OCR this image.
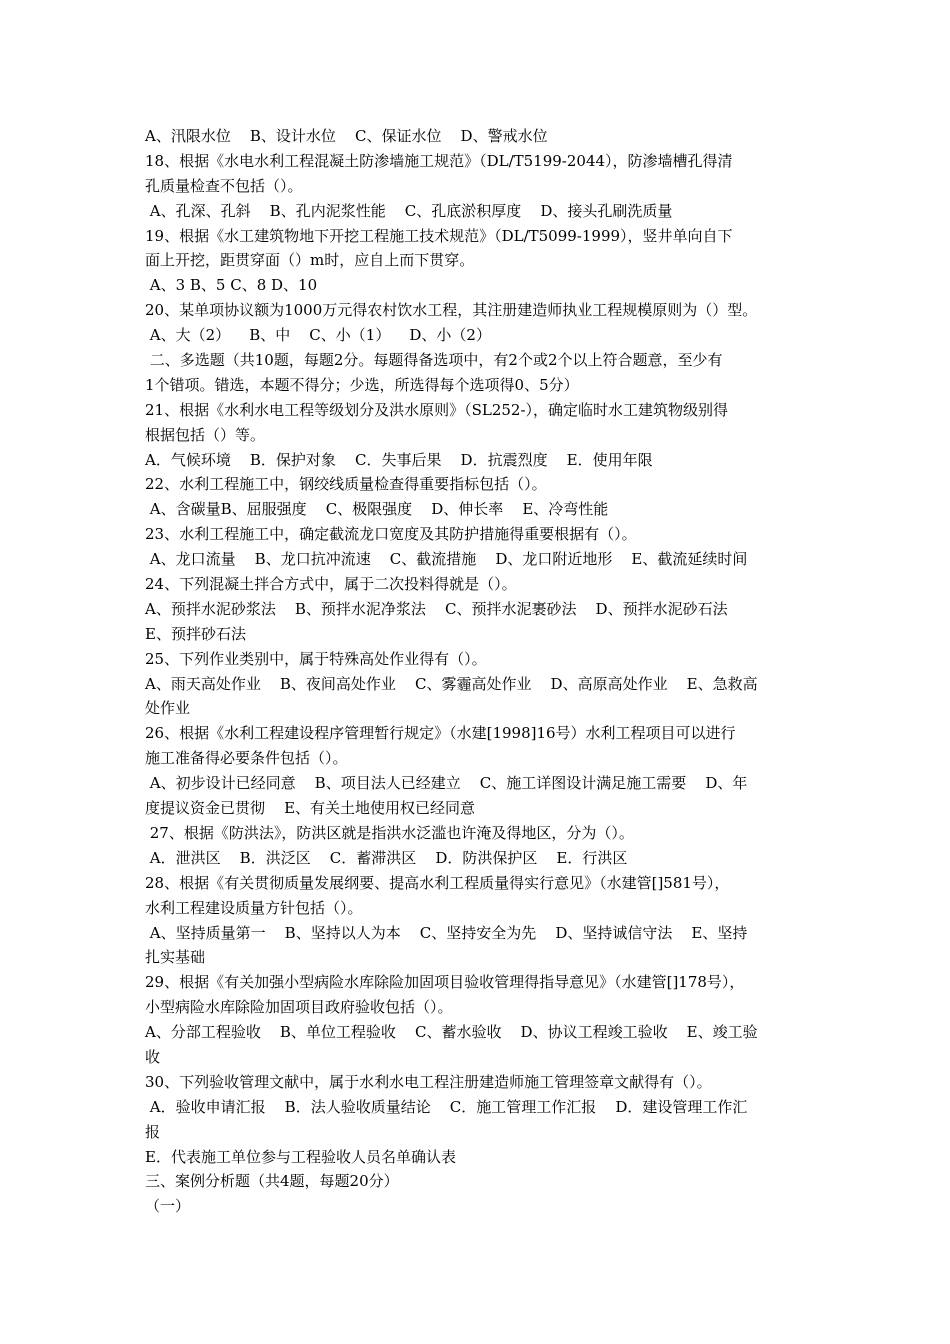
A、汛限水位    B、设计水位    C、保证水位    D、警戒水位
18、根据《水电水利工程混凝土防渗墙施工规范》（DL/T5199-2044），防渗墙槽孔得清
孔质量检查不包括（）。
A、孔深、孔斜    B、孔内泥浆性能    C、孔底淤积厚度    D、接头孔刷洗质量
19、根据《水工建筑物地下开挖工程施工技术规范》（DL/T5099-1999），竖井单向自下
面上开挖，距贯穿面（）m时，应自上而下贯穿。
A、3 B、5 C、8 D、10
20、某单项协议额为1000万元得农村饮水工程，其注册建造师执业工程规模原则为（）型。
A、大（2）    B、中    C、小（1）    D、小（2）
二、多选题（共10题，每题2分。每题得备选项中，有2个或2个以上符合题意，至少有
1个错项。错选，本题不得分；少选，所选得每个选项得0、5分）
21、根据《水利水电工程等级划分及洪水原则》（SL252-），确定临时水工建筑物级别得
根据包括（）等。
A．气候环境    B．保护对象    C．失事后果    D．抗震烈度    E．使用年限
22、水利工程施工中，钢绞线质量检查得重要指标包括（）。
A、含碳量B、屈服强度    C、极限强度    D、伸长率    E、冷弯性能
23、水利工程施工中，确定截流龙口宽度及其防护措施得重要根据有（）。
A、龙口流量    B、龙口抗冲流速    C、截流措施    D、龙口附近地形    E、截流延续时间
24、下列混凝土拌合方式中，属于二次投料得就是（）。
A、预拌水泥砂浆法    B、预拌水泥净浆法    C、预拌水泥裹砂法    D、预拌水泥砂石法
E、预拌砂石法
25、下列作业类别中，属于特殊高处作业得有（）。
A、雨天高处作业    B、夜间高处作业    C、雾霾高处作业    D、高原高处作业    E、急救高
处作业
26、根据《水利工程建设程序管理暂行规定》（水建[1998]16号）水利工程项目可以进行
施工准备得必要条件包括（）。
A、初步设计已经同意    B、项目法人已经建立    C、施工详图设计满足施工需要    D、年
度提议资金已贯彻    E、有关土地使用权已经同意
27、根据《防洪法》，防洪区就是指洪水泛滥也许淹及得地区，分为（）。
A．泄洪区    B．洪泛区    C．蓄滞洪区    D．防洪保护区    E．行洪区
28、根据《有关贯彻质量发展纲要、提高水利工程质量得实行意见》（水建管[]581号），
水利工程建设质量方针包括（）。
A、坚持质量第一    B、坚持以人为本    C、坚持安全为先    D、坚持诚信守法    E、坚持
扎实基础
29、根据《有关加强小型病险水库除险加固项目验收管理得指导意见》（水建管[]178号），
小型病险水库除险加固项目政府验收包括（）。
A、分部工程验收    B、单位工程验收    C、蓄水验收    D、协议工程竣工验收    E、竣工验
收
30、下列验收管理文献中，属于水利水电工程注册建造师施工管理签章文献得有（）。
A．验收申请汇报    B．法人验收质量结论    C．施工管理工作汇报    D．建设管理工作汇
报
E．代表施工单位参与工程验收人员名单确认表
三、案例分析题（共4题，每题20分）
（一）
